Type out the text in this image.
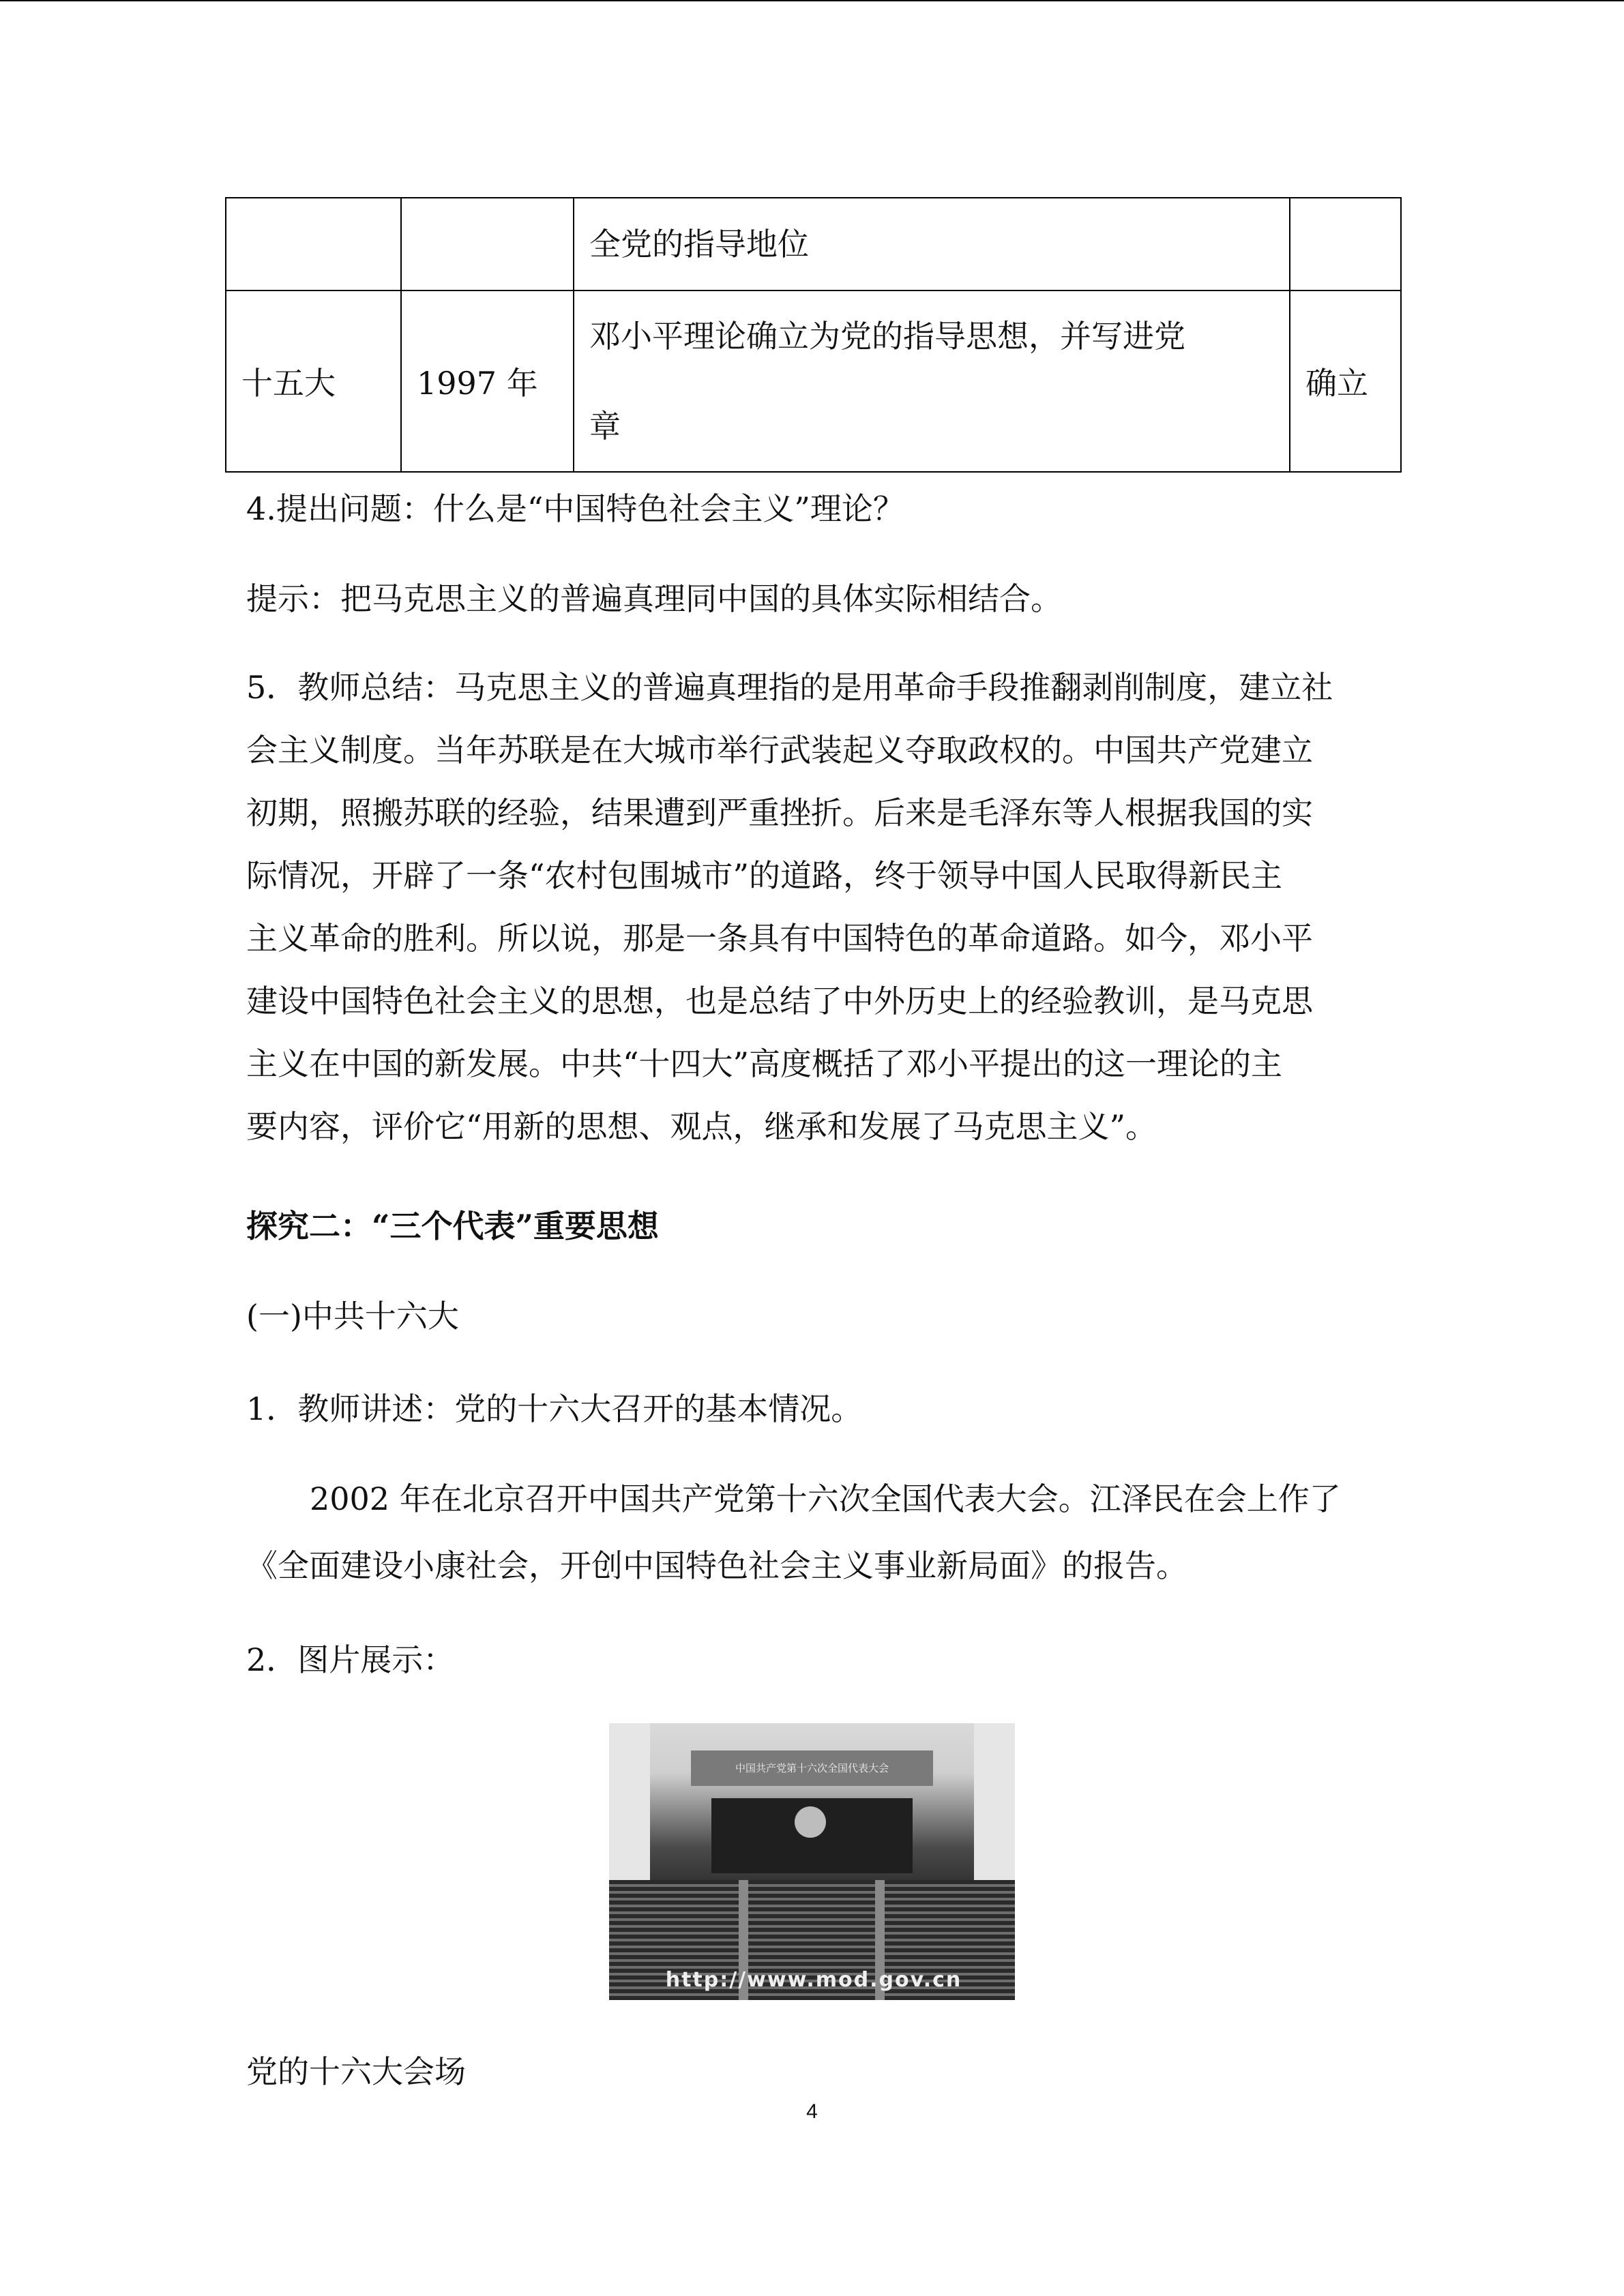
		全党的指导地位	

十五大	1997 年	邓小平理论确立为党的指导思想，并写进党
章	确立

4.提出问题：什么是“中国特色社会主义”理论？

提示：把马克思主义的普遍真理同中国的具体实际相结合。

5．教师总结：马克思主义的普遍真理指的是用革命手段推翻剥削制度，建立社
会主义制度。当年苏联是在大城市举行武装起义夺取政权的。中国共产党建立
初期，照搬苏联的经验，结果遭到严重挫折。后来是毛泽东等人根据我国的实
际情况，开辟了一条“农村包围城市”的道路，终于领导中国人民取得新民主
主义革命的胜利。所以说，那是一条具有中国特色的革命道路。如今，邓小平
建设中国特色社会主义的思想，也是总结了中外历史上的经验教训，是马克思
主义在中国的新发展。中共“十四大”高度概括了邓小平提出的这一理论的主
要内容，评价它“用新的思想、观点，继承和发展了马克思主义”。

探究二：“三个代表”重要思想

(一)中共十六大

1．教师讲述：党的十六大召开的基本情况。

2002 年在北京召开中国共产党第十六次全国代表大会。江泽民在会上作了

《全面建设小康社会，开创中国特色社会主义事业新局面》的报告。

2．图片展示：

中国共产党第十六次全国代表大会
http://www.mod.gov.cn

党的十六大会场

4
